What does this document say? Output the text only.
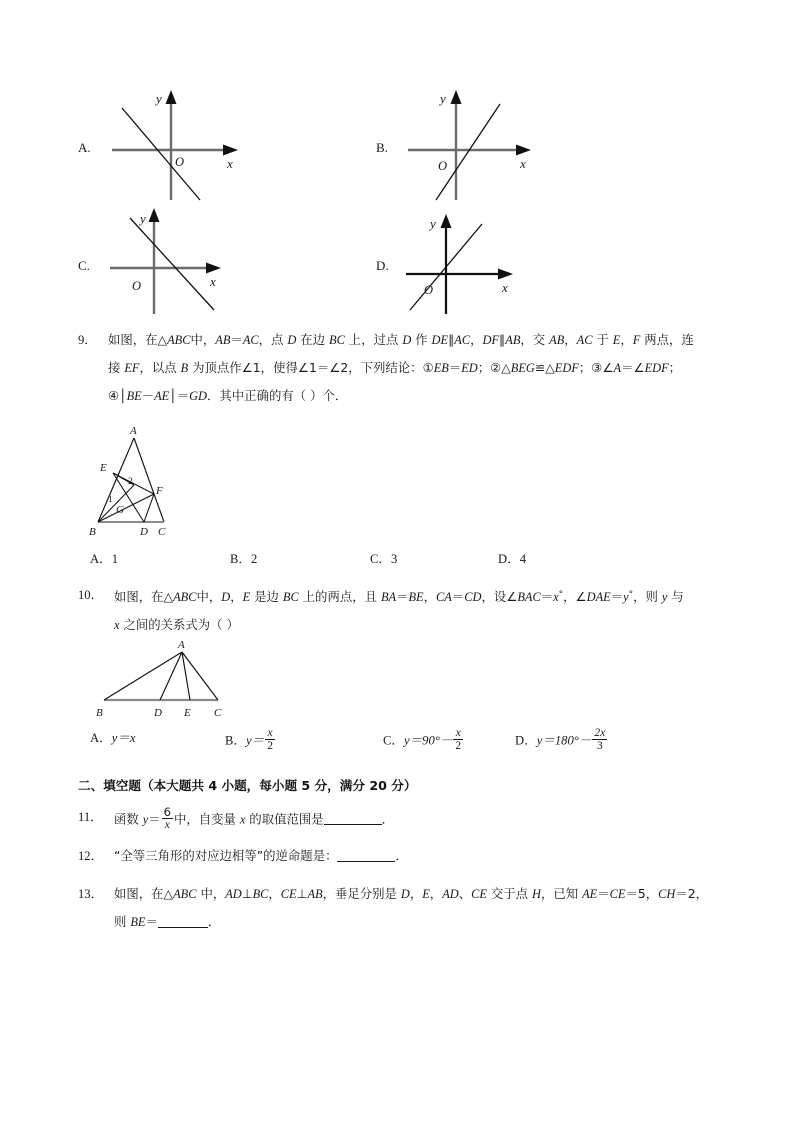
A.
y
x
O
B.
y
x
O
C.
y
x
O
D.
y
x
O
9． 如图，在△ABC中，AB＝AC，点 D 在边 BC 上，过点 D 作 DE∥AC，DF∥AB，交 AB，AC 于 E，F 两点，连
接 EF，以点 B 为顶点作∠1，使得∠1＝∠2，下列结论：①EB＝ED；②△BEG≌△EDF；③∠A＝∠EDF；
④│BE－AE│＝GD．其中正确的有（ ）个．
A
E
F
B
G
D C
1
2
A．1	B．2	C．3	D．4
10． 如图，在△ABC中，D，E 是边 BC 上的两点，且 BA＝BE，CA＝CD，设∠BAC＝x°，∠DAE＝y°，则 y 与
x 之间的关系式为（ ）
A
B	D E C
A．y＝x	B．$y= \frac{x}{2}$	C．$y=90^\circ- \frac{x}{2}$	D．$y=180^\circ- \frac{2x}{3}$
二、填空题（本大题共 4 小题，每小题 5 分，满分 20 分）
11． 函数 $y= \frac{6}{x}$ 中，自变量 x 的取值范围是	．
12． “全等三角形的对应边相等”的逆命题是：	．
13． 如图，在△ABC 中，AD⊥BC，CE⊥AB，垂足分别是 D，E，AD、CE 交于点 H，已知 AE＝CE＝5，CH＝2，
则 BE＝	．
